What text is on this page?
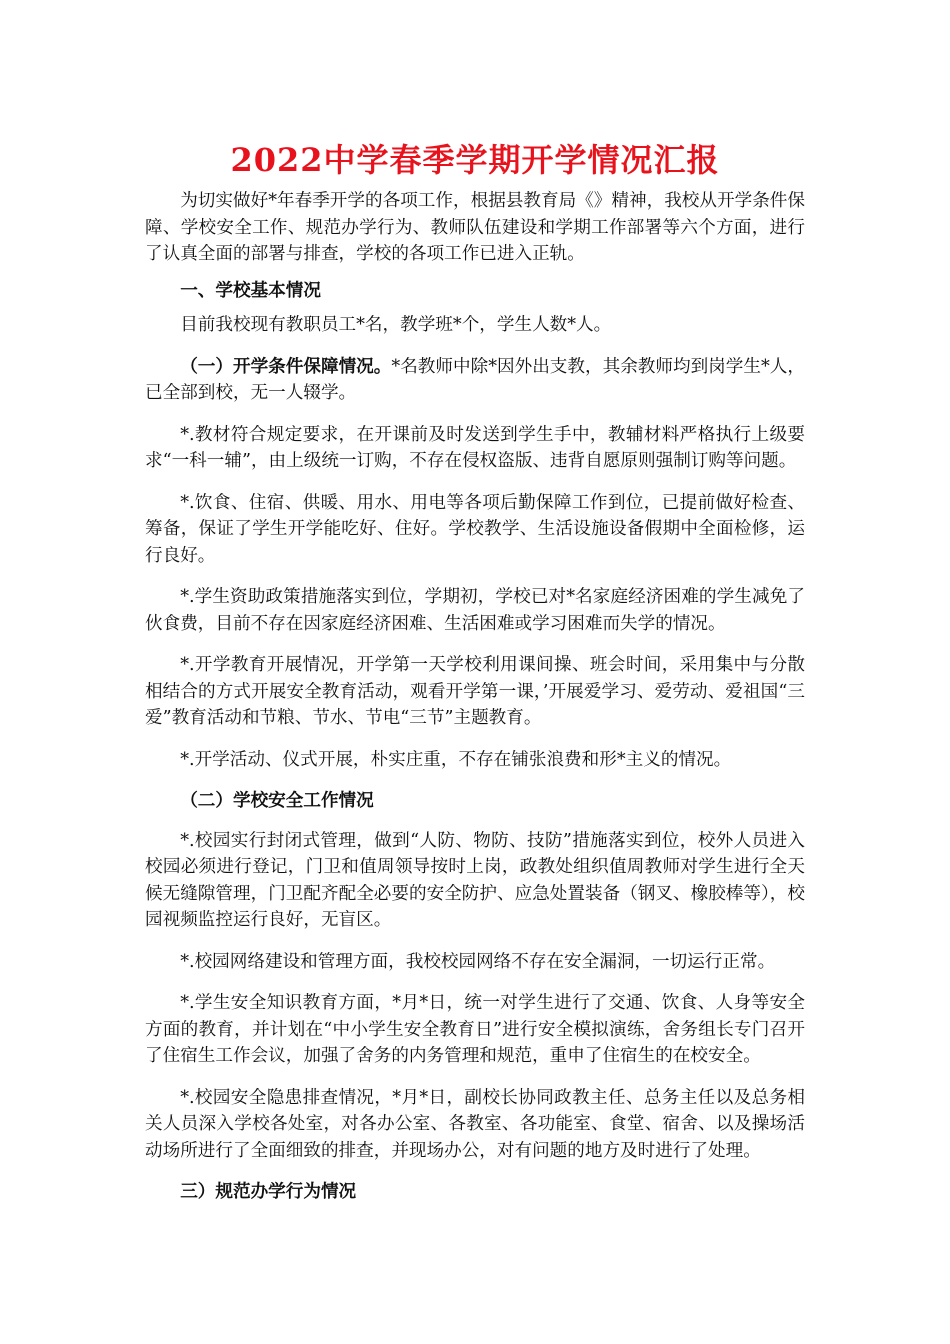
2022中学春季学期开学情况汇报

为切实做好*年春季开学的各项工作，根据县教育局《》精神，我校从开学条件保障、学校安全工作、规范办学行为、教师队伍建设和学期工作部署等六个方面，进行了认真全面的部署与排查，学校的各项工作已进入正轨。

一、学校基本情况

目前我校现有教职员工*名，教学班*个，学生人数*人。

（一）开学条件保障情况。*名教师中除*因外出支教，其余教师均到岗学生*人，已全部到校，无一人辍学。

*.教材符合规定要求，在开课前及时发送到学生手中，教辅材料严格执行上级要求“一科一辅”，由上级统一订购，不存在侵权盗版、违背自愿原则强制订购等问题。

*.饮食、住宿、供暖、用水、用电等各项后勤保障工作到位，已提前做好检查、筹备，保证了学生开学能吃好、住好。学校教学、生活设施设备假期中全面检修，运行良好。

*.学生资助政策措施落实到位，学期初，学校已对*名家庭经济困难的学生减免了伙食费，目前不存在因家庭经济困难、生活困难或学习困难而失学的情况。

*.开学教育开展情况，开学第一天学校利用课间操、班会时间，采用集中与分散相结合的方式开展安全教育活动，观看开学第一课，’开展爱学习、爱劳动、爱祖国“三爱”教育活动和节粮、节水、节电“三节”主题教育。

*.开学活动、仪式开展，朴实庄重，不存在铺张浪费和形*主义的情况。

（二）学校安全工作情况

*.校园实行封闭式管理，做到“人防、物防、技防”措施落实到位，校外人员进入校园必须进行登记，门卫和值周领导按时上岗，政教处组织值周教师对学生进行全天候无缝隙管理，门卫配齐配全必要的安全防护、应急处置装备（钢叉、橡胶棒等），校园视频监控运行良好，无盲区。

*.校园网络建设和管理方面，我校校园网络不存在安全漏洞，一切运行正常。

*.学生安全知识教育方面，*月*日，统一对学生进行了交通、饮食、人身等安全方面的教育，并计划在“中小学生安全教育日”进行安全模拟演练，舍务组长专门召开了住宿生工作会议，加强了舍务的内务管理和规范，重申了住宿生的在校安全。

*.校园安全隐患排查情况，*月*日，副校长协同政教主任、总务主任以及总务相关人员深入学校各处室，对各办公室、各教室、各功能室、食堂、宿舍、以及操场活动场所进行了全面细致的排查，并现场办公，对有问题的地方及时进行了处理。

三）规范办学行为情况
